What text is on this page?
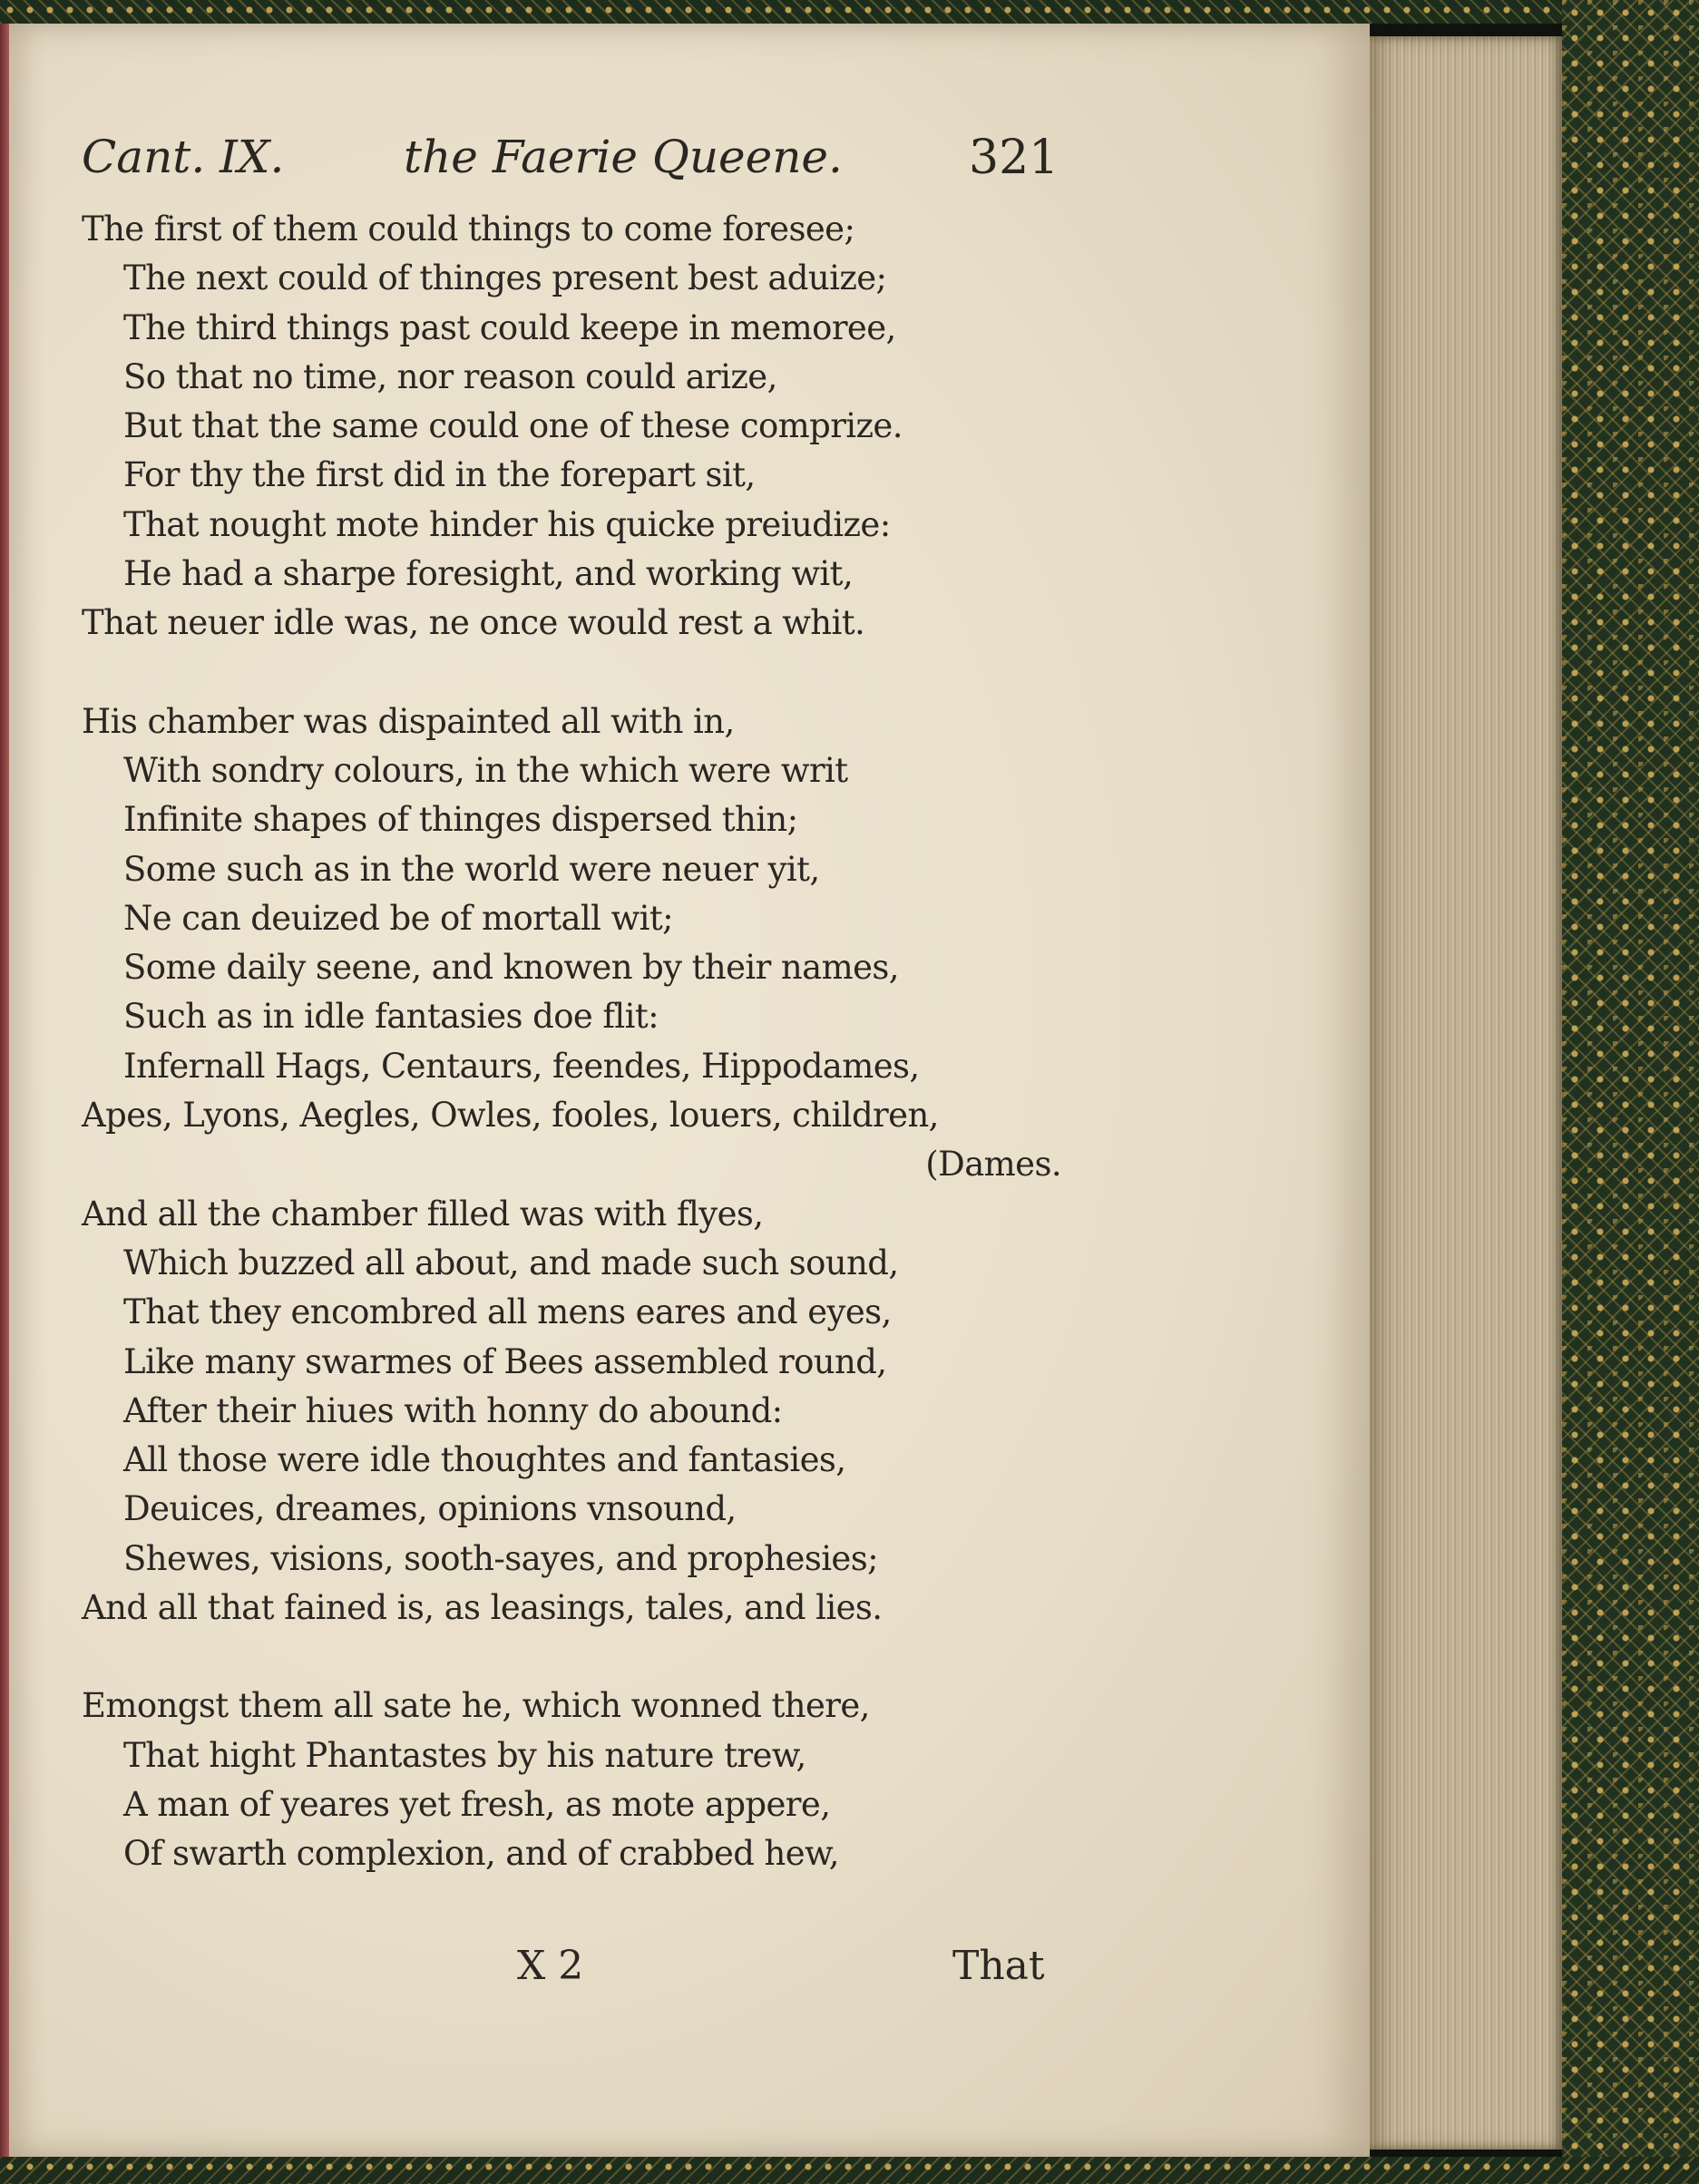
Cant. IX.	the Faerie Queene.	321
The first of them could things to come foresee;
The next could of thinges present best aduize;
The third things past could keepe in memoree,
So that no time, nor reason could arize,
But that the same could one of these comprize.
For thy the first did in the forepart sit,
That nought mote hinder his quicke preiudize:
He had a sharpe foresight, and working wit,
That neuer idle was, ne once would rest a whit.
His chamber was dispainted all with in,
With sondry colours, in the which were writ
Infinite shapes of thinges dispersed thin;
Some such as in the world were neuer yit,
Ne can deuized be of mortall wit;
Some daily seene, and knowen by their names,
Such as in idle fantasies doe flit:
Infernall Hags, Centaurs, feendes, Hippodames,
Apes, Lyons, Aegles, Owles, fooles, louers, children,
(Dames.
And all the chamber filled was with flyes,
Which buzzed all about, and made such sound,
That they encombred all mens eares and eyes,
Like many swarmes of Bees assembled round,
After their hiues with honny do abound:
All those were idle thoughtes and fantasies,
Deuices, dreames, opinions vnsound,
Shewes, visions, sooth-sayes, and prophesies;
And all that fained is, as leasings, tales, and lies.
Emongst them all sate he, which wonned there,
That hight Phantastes by his nature trew,
A man of yeares yet fresh, as mote appere,
Of swarth complexion, and of crabbed hew,
X 2	That
